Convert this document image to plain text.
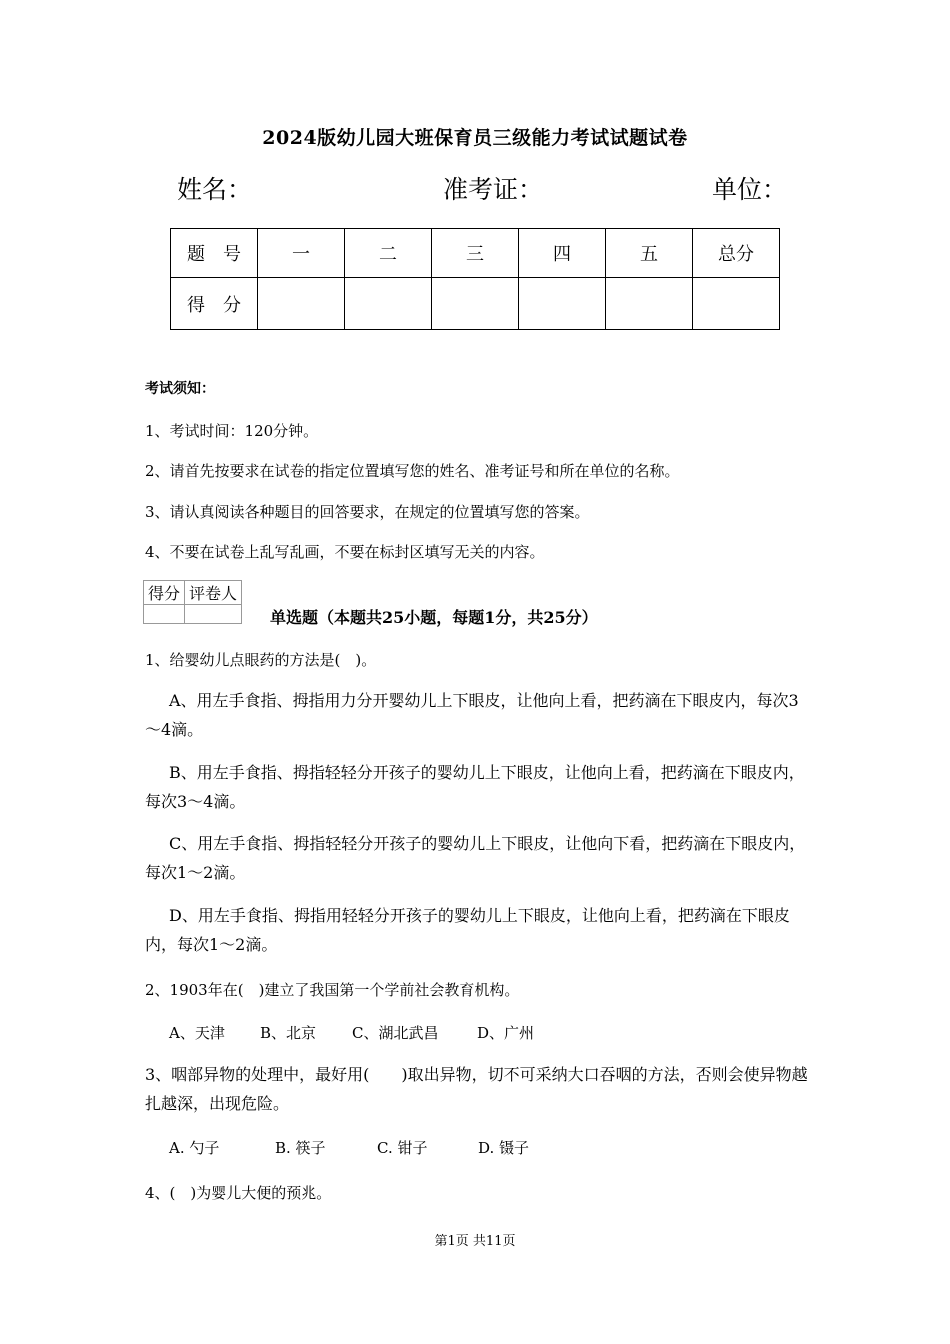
2024版幼儿园大班保育员三级能力考试试题试卷
姓名：	准考证：	单位：
题　号	一	二	三	四	五	总分
得　分						
考试须知：
1、考试时间：120分钟。
2、请首先按要求在试卷的指定位置填写您的姓名、准考证号和所在单位的名称。
3、请认真阅读各种题目的回答要求，在规定的位置填写您的答案。
4、不要在试卷上乱写乱画，不要在标封区填写无关的内容。
得分	评卷人

单选题（本题共25小题，每题1分，共25分）
1、给婴幼儿点眼药的方法是(　)。
A、用左手食指、拇指用力分开婴幼儿上下眼皮，让他向上看，把药滴在下眼皮内，每次3～4滴。
B、用左手食指、拇指轻轻分开孩子的婴幼儿上下眼皮，让他向上看，把药滴在下眼皮内，每次3～4滴。
C、用左手食指、拇指轻轻分开孩子的婴幼儿上下眼皮，让他向下看，把药滴在下眼皮内，每次1～2滴。
D、用左手食指、拇指用轻轻分开孩子的婴幼儿上下眼皮，让他向上看，把药滴在下眼皮内，每次1～2滴。
2、1903年在(　)建立了我国第一个学前社会教育机构。
A、天津 B、北京 C、湖北武昌	D、广州
3、咽部异物的处理中，最好用(　　)取出异物，切不可采纳大口吞咽的方法，否则会使异物越扎越深，出现危险。
A. 勺子	B. 筷子	C. 钳子	D. 镊子
4、(　)为婴儿大便的预兆。
第1页 共11页
